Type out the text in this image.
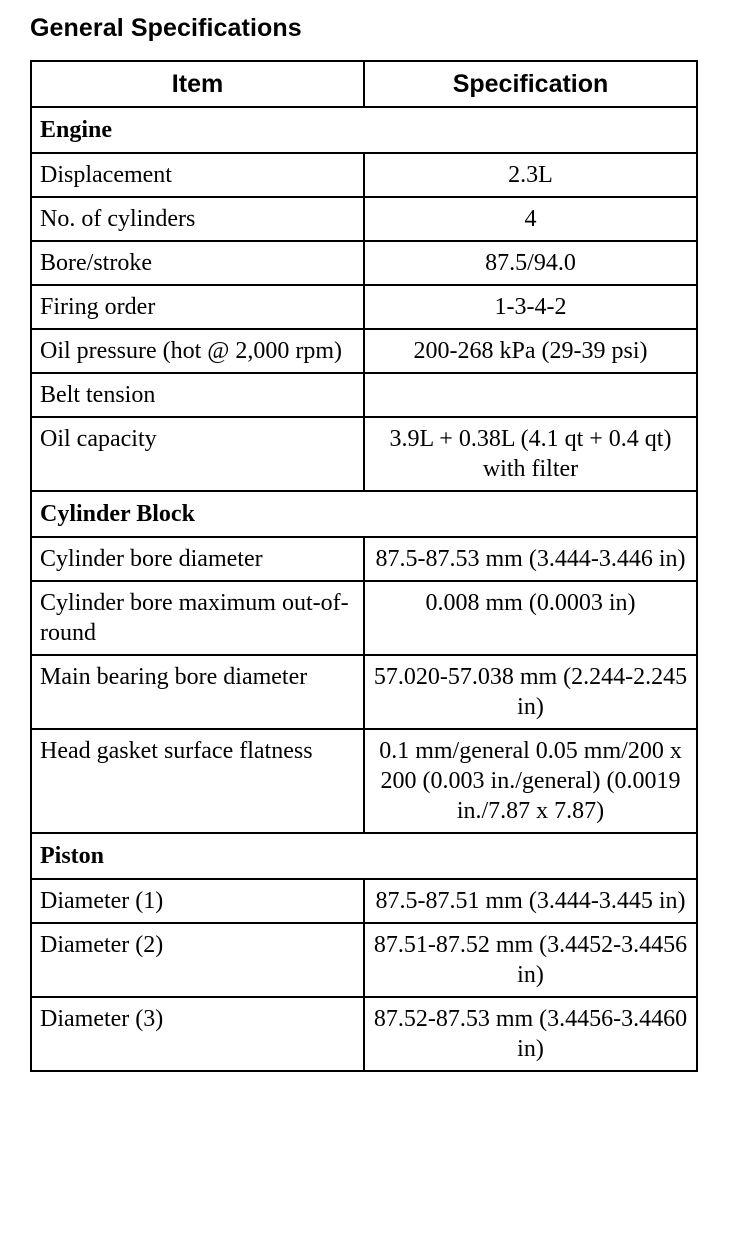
General Specifications
Item	Specification
Engine	
Displacement	2.3L
No. of cylinders	4
Bore/stroke	87.5/94.0
Firing order	1-3-4-2
Oil pressure (hot @ 2,000 rpm)	200-268 kPa (29-39 psi)
Belt tension	
Oil capacity	3.9L + 0.38L (4.1 qt + 0.4 qt) with filter
Cylinder Block	
Cylinder bore diameter	87.5-87.53 mm (3.444-3.446 in)
Cylinder bore maximum out-of-round	0.008 mm (0.0003 in)
Main bearing bore diameter	57.020-57.038 mm (2.244-2.245 in)
Head gasket surface flatness	0.1 mm/general 0.05 mm/200 x 200 (0.003 in./general) (0.0019 in./7.87 x 7.87)
Piston	
Diameter (1)	87.5-87.51 mm (3.444-3.445 in)
Diameter (2)	87.51-87.52 mm (3.4452-3.4456 in)
Diameter (3)	87.52-87.53 mm (3.4456-3.4460 in)
